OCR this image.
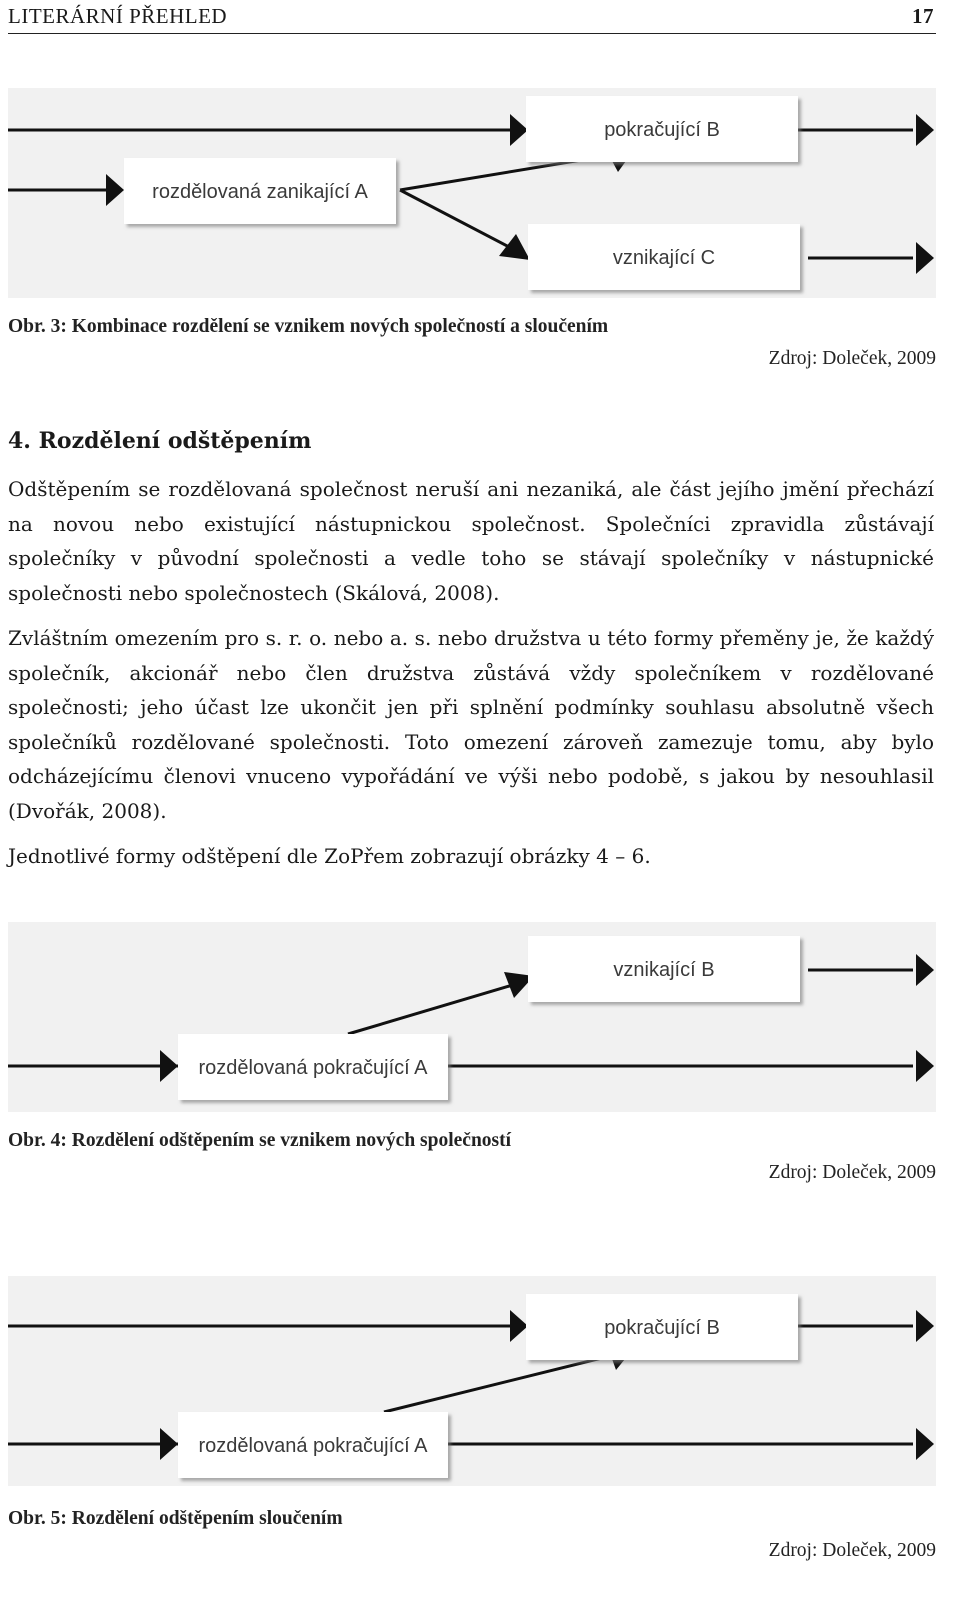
LITERÁRNÍ PŘEHLED	17
pokračující B
rozdělovaná zanikající A
vznikající C
Obr. 3: Kombinace rozdělení se vznikem nových společností a sloučením
Zdroj: Doleček, 2009
4. Rozdělení odštěpením

Odštěpením se rozdělovaná společnost neruší ani nezaniká, ale část jejího jmění přechází na novou nebo existující nástupnickou společnost. Společníci zpravidla zůstávají společníky v původní společnosti a vedle toho se stávají společníky v nástupnické společnosti nebo společnostech (Skálová, 2008).

Zvláštním omezením pro s. r. o. nebo a. s. nebo družstva u této formy přeměny je, že každý společník, akcionář nebo člen družstva zůstává vždy společníkem v rozdělované společnosti; jeho účast lze ukončit jen při splnění podmínky souhlasu absolutně všech společníků rozdělované společnosti. Toto omezení zároveň zamezuje tomu, aby bylo odcházejícímu členovi vnuceno vypořádání ve výši nebo podobě, s jakou by nesouhlasil (Dvořák, 2008).

Jednotlivé formy odštěpení dle ZoPřem zobrazují obrázky 4 – 6.

vznikající B
rozdělovaná pokračující A
Obr. 4: Rozdělení odštěpením se vznikem nových společností
Zdroj: Doleček, 2009
pokračující B
rozdělovaná pokračující A
Obr. 5: Rozdělení odštěpením sloučením
Zdroj: Doleček, 2009
